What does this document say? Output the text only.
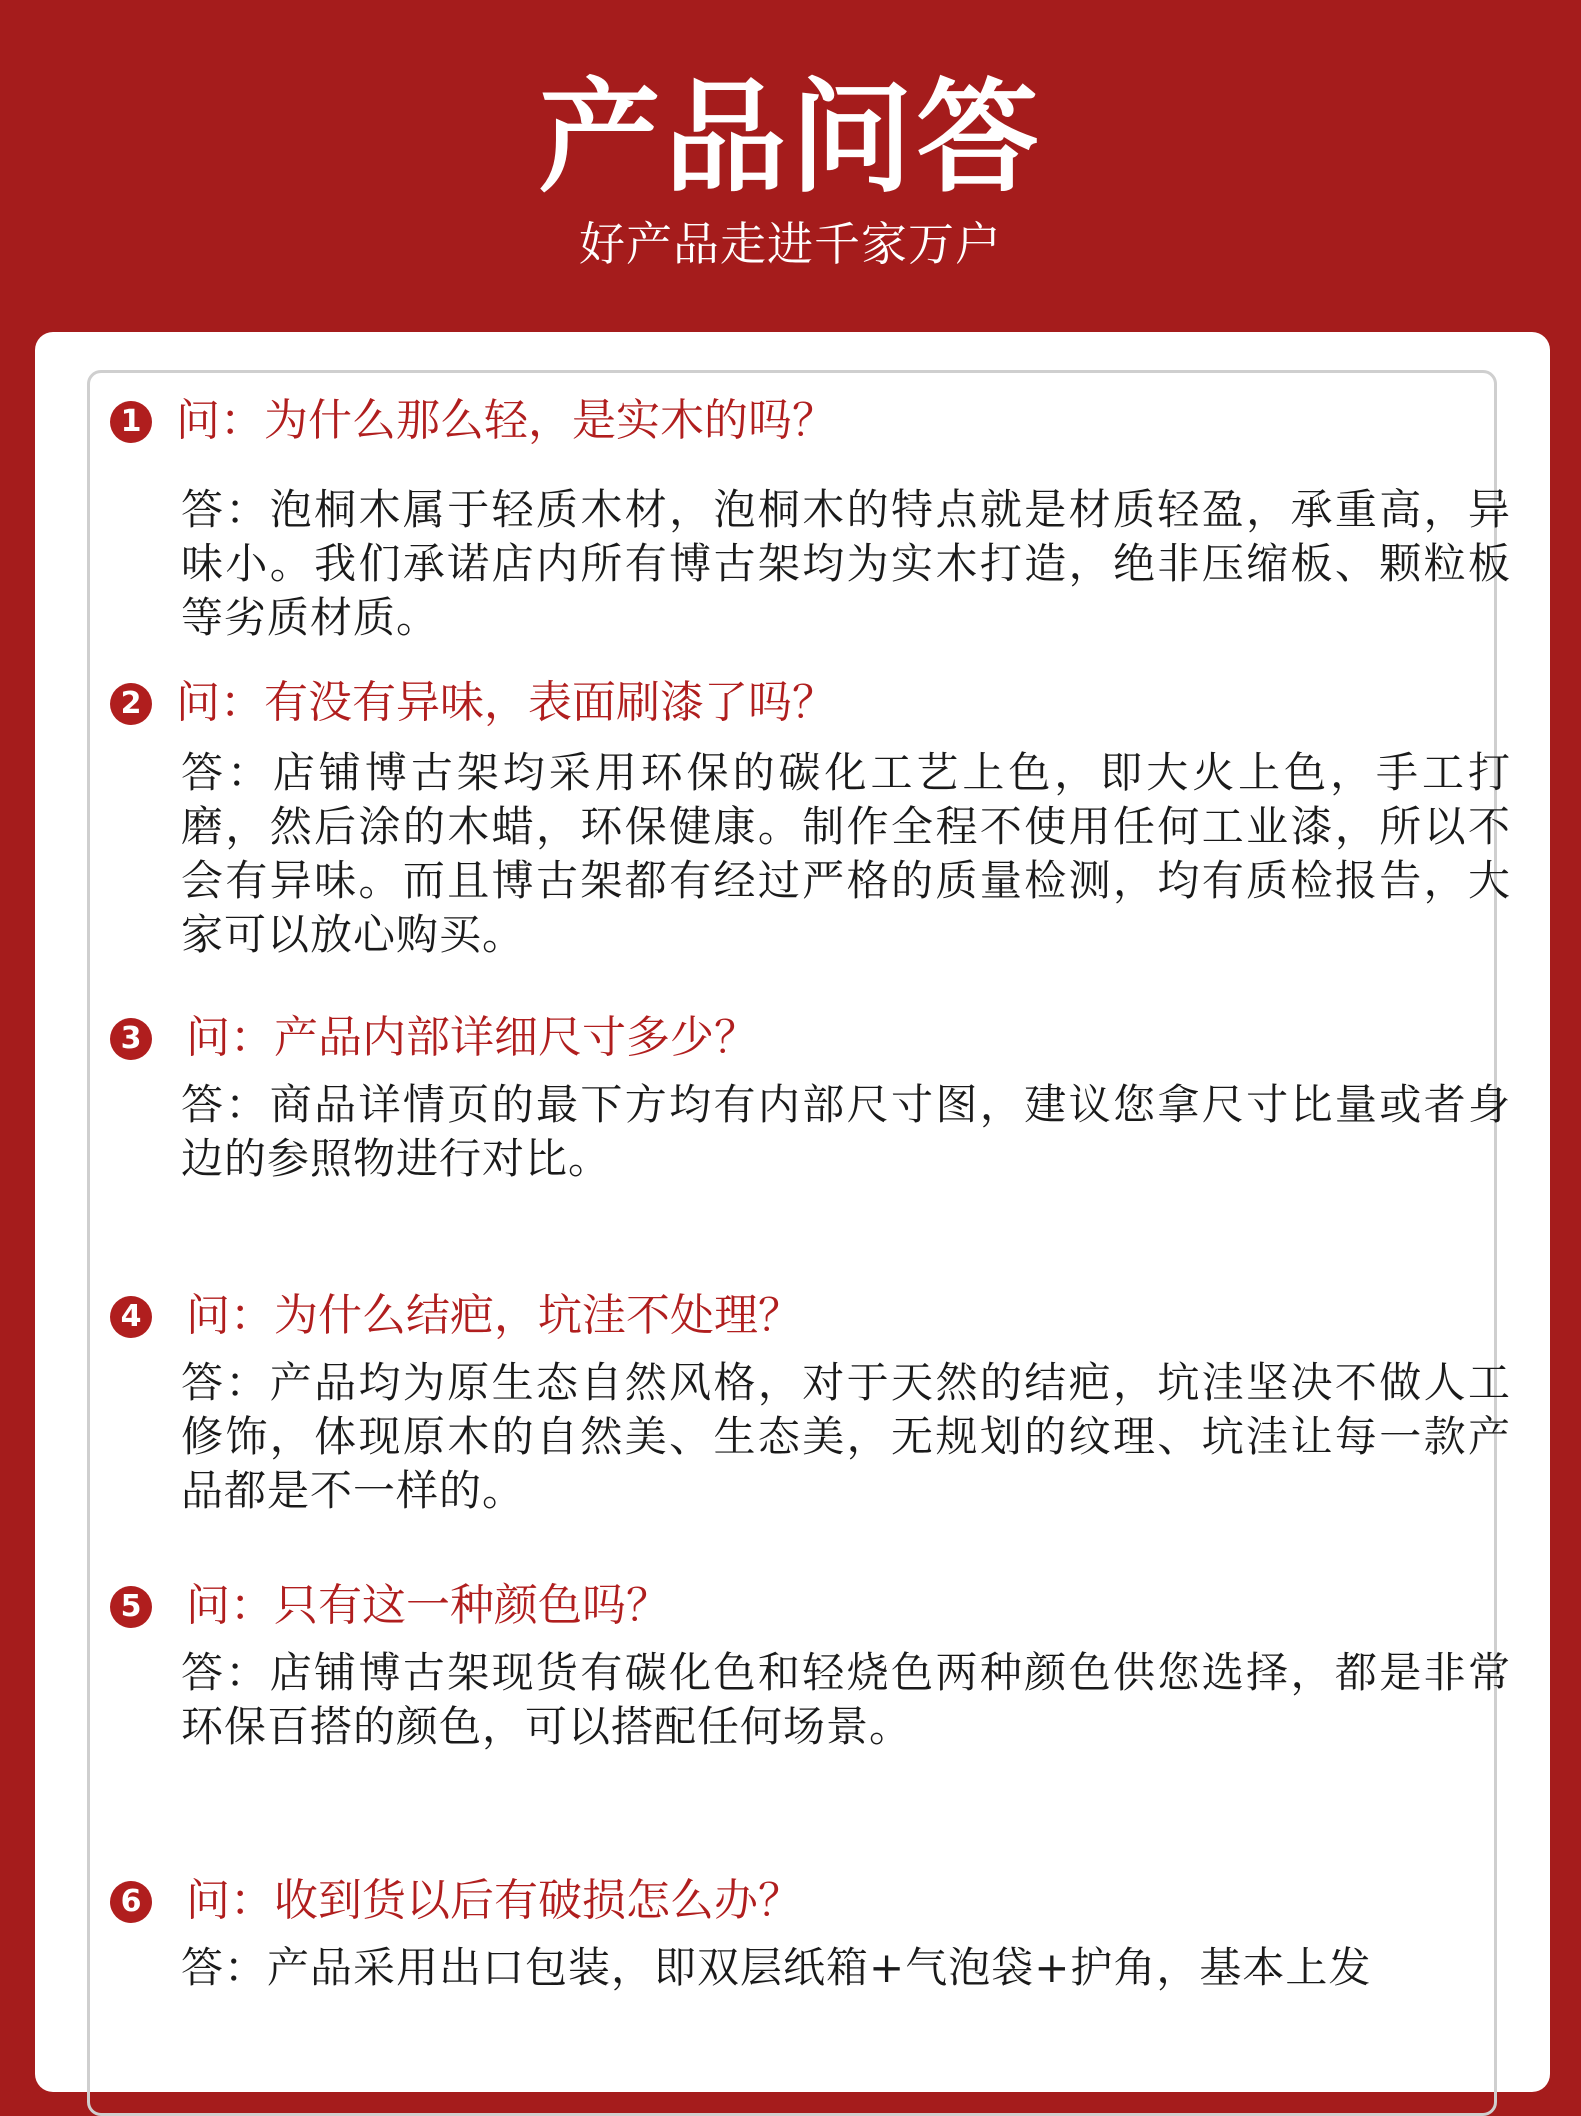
产品问答
好产品走进千家万户
1 问：为什么那么轻，是实木的吗？
答：泡桐木属于轻质木材，泡桐木的特点就是材质轻盈，承重高，异味小。我们承诺店内所有博古架均为实木打造，绝非压缩板、颗粒板等劣质材质。
2 问：有没有异味，表面刷漆了吗？
答：店铺博古架均采用环保的碳化工艺上色，即大火上色，手工打磨，然后涂的木蜡，环保健康。制作全程不使用任何工业漆，所以不会有异味。而且博古架都有经过严格的质量检测，均有质检报告，大家可以放心购买。
3 问：产品内部详细尺寸多少？
答：商品详情页的最下方均有内部尺寸图，建议您拿尺寸比量或者身边的参照物进行对比。
4 问：为什么结疤，坑洼不处理？
答：产品均为原生态自然风格，对于天然的结疤，坑洼坚决不做人工修饰，体现原木的自然美、生态美，无规划的纹理、坑洼让每一款产品都是不一样的。
5 问：只有这一种颜色吗？
答：店铺博古架现货有碳化色和轻烧色两种颜色供您选择，都是非常环保百搭的颜色，可以搭配任何场景。
6 问：收到货以后有破损怎么办？
答：产品采用出口包装，即双层纸箱+气泡袋+护角，基本上发
